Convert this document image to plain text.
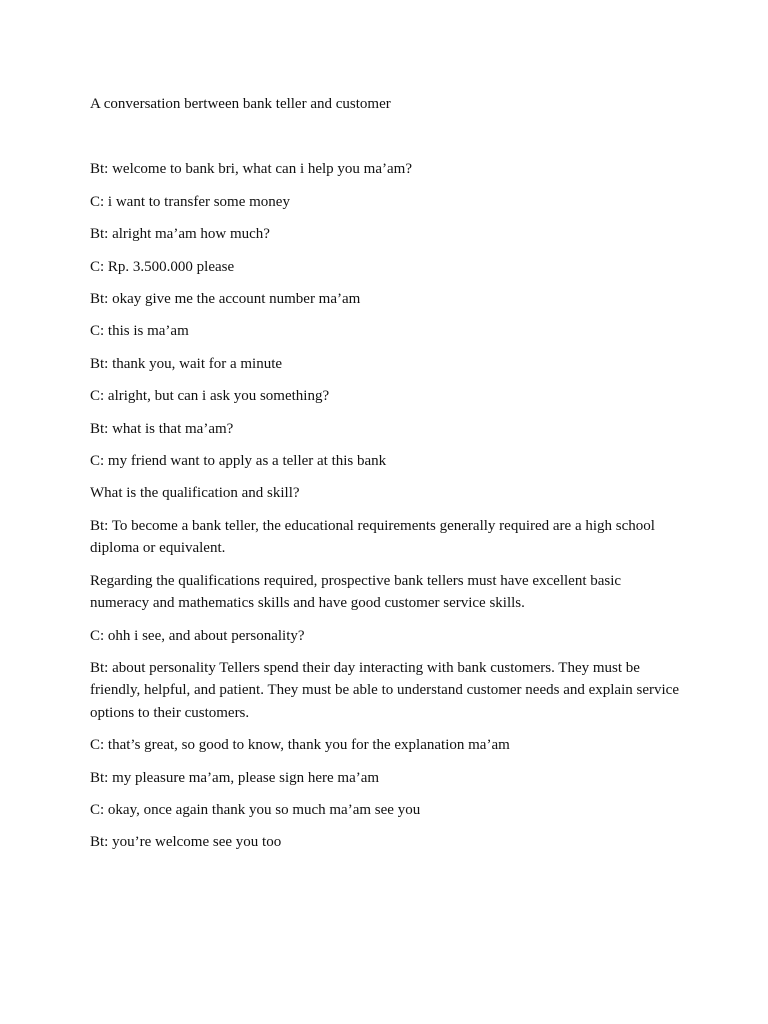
A conversation bertween bank teller and customer

Bt: welcome to bank bri, what can i help you ma’am?

C: i want to transfer some money

Bt: alright ma’am how much?

C: Rp. 3.500.000 please

Bt: okay give me the account number ma’am

C: this is ma’am

Bt: thank you, wait for a minute

C: alright, but can i ask you something?

Bt: what is that ma’am?

C: my friend want to apply as a teller at this bank

What is the qualification and skill?

Bt: To become a bank teller, the educational requirements generally required are a high school diploma or equivalent.

Regarding the qualifications required, prospective bank tellers must have excellent basic numeracy and mathematics skills and have good customer service skills.

C: ohh i see, and about personality?

Bt: about personality Tellers spend their day interacting with bank customers. They must be friendly, helpful, and patient. They must be able to understand customer needs and explain service options to their customers.

C: that’s great, so good to know, thank you for the explanation ma’am

Bt: my pleasure ma’am, please sign here ma’am

C: okay, once again thank you so much ma’am see you

Bt: you’re welcome see you too
